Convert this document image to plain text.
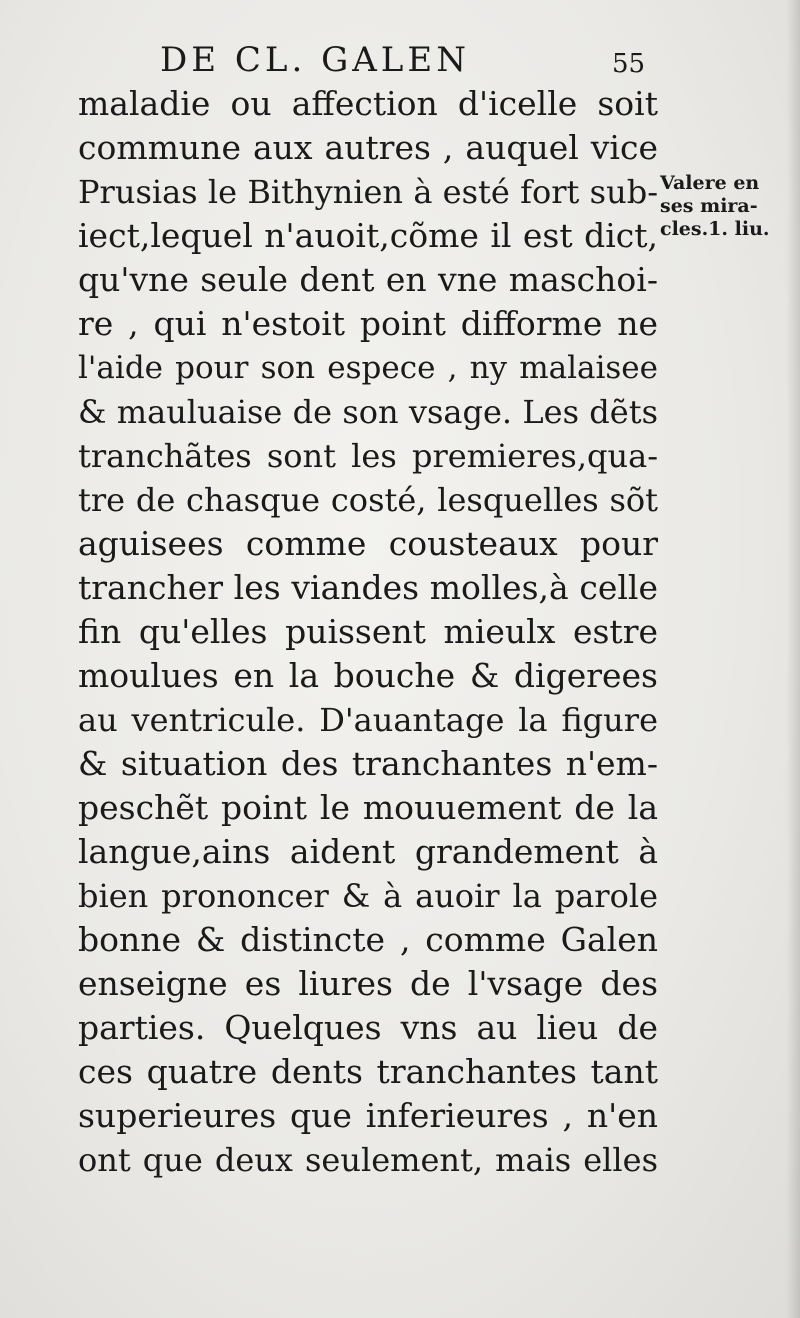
DE CL. GALEN	55
Valere en
ses mira-
cles.1. liu.
maladie ou affection d'icelle soit
commune aux autres , auquel vice
Prusias le Bithynien à esté fort sub-
iect,lequel n'auoit,cõme il est dict,
qu'vne seule dent en vne maschoi-
re , qui n'estoit point difforme ne
l'aide pour son espece , ny malaisee
& mauluaise de son vsage. Les dẽts
tranchãtes sont les premieres,qua-
tre de chasque costé, lesquelles sõt
aguisees comme cousteaux pour
trancher les viandes molles,à celle
fin qu'elles puissent mieulx estre
moulues en la bouche & digerees
au ventricule. D'auantage la figure
& situation des tranchantes n'em-
peschẽt point le mouuement de la
langue,ains aident grandement à
bien prononcer & à auoir la parole
bonne & distincte , comme Galen
enseigne es liures de l'vsage des
parties. Quelques vns au lieu de
ces quatre dents tranchantes tant
superieures que inferieures , n'en
ont que deux seulement, mais elles
